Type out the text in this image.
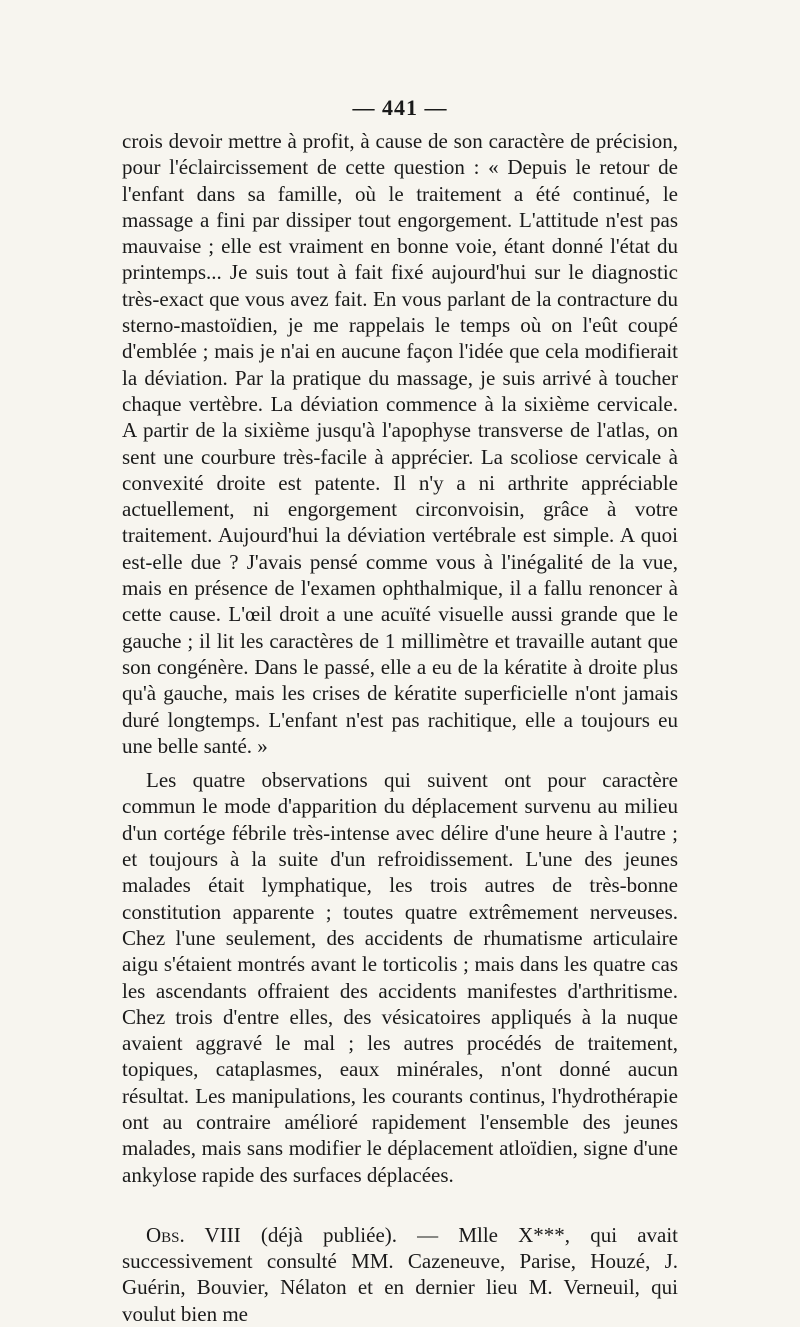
— 441 —

crois devoir mettre à profit, à cause de son caractère de précision, pour l'éclaircissement de cette question : « Depuis le retour de l'enfant dans sa famille, où le traitement a été continué, le massage a fini par dissiper tout engorgement. L'attitude n'est pas mauvaise ; elle est vraiment en bonne voie, étant donné l'état du printemps... Je suis tout à fait fixé aujourd'hui sur le diagnostic très-exact que vous avez fait. En vous parlant de la contracture du sterno-mastoïdien, je me rappelais le temps où on l'eût coupé d'emblée ; mais je n'ai en aucune façon l'idée que cela modifierait la déviation. Par la pratique du massage, je suis arrivé à toucher chaque vertèbre. La déviation commence à la sixième cervicale. A partir de la sixième jusqu'à l'apophyse transverse de l'atlas, on sent une courbure très-facile à apprécier. La scoliose cervicale à convexité droite est patente. Il n'y a ni arthrite appréciable actuellement, ni engorgement circonvoisin, grâce à votre traitement. Aujourd'hui la déviation vertébrale est simple. A quoi est-elle due ? J'avais pensé comme vous à l'inégalité de la vue, mais en présence de l'examen ophthalmique, il a fallu renoncer à cette cause. L'œil droit a une acuïté visuelle aussi grande que le gauche ; il lit les caractères de 1 millimètre et travaille autant que son congénère. Dans le passé, elle a eu de la kératite à droite plus qu'à gauche, mais les crises de kératite superficielle n'ont jamais duré longtemps. L'enfant n'est pas rachitique, elle a toujours eu une belle santé. »

Les quatre observations qui suivent ont pour caractère commun le mode d'apparition du déplacement survenu au milieu d'un cortége fébrile très-intense avec délire d'une heure à l'autre ; et toujours à la suite d'un refroidissement. L'une des jeunes malades était lymphatique, les trois autres de très-bonne constitution apparente ; toutes quatre extrêmement nerveuses. Chez l'une seulement, des accidents de rhumatisme articulaire aigu s'étaient montrés avant le torticolis ; mais dans les quatre cas les ascendants offraient des accidents manifestes d'arthritisme. Chez trois d'entre elles, des vésicatoires appliqués à la nuque avaient aggravé le mal ; les autres procédés de traitement, topiques, cataplasmes, eaux minérales, n'ont donné aucun résultat. Les manipulations, les courants continus, l'hydrothérapie ont au contraire amélioré rapidement l'ensemble des jeunes malades, mais sans modifier le déplacement atloïdien, signe d'une ankylose rapide des surfaces déplacées.

Obs. VIII (déjà publiée). — Mlle X***, qui avait successivement consulté MM. Cazeneuve, Parise, Houzé, J. Guérin, Bouvier, Nélaton et en dernier lieu M. Verneuil, qui voulut bien me
